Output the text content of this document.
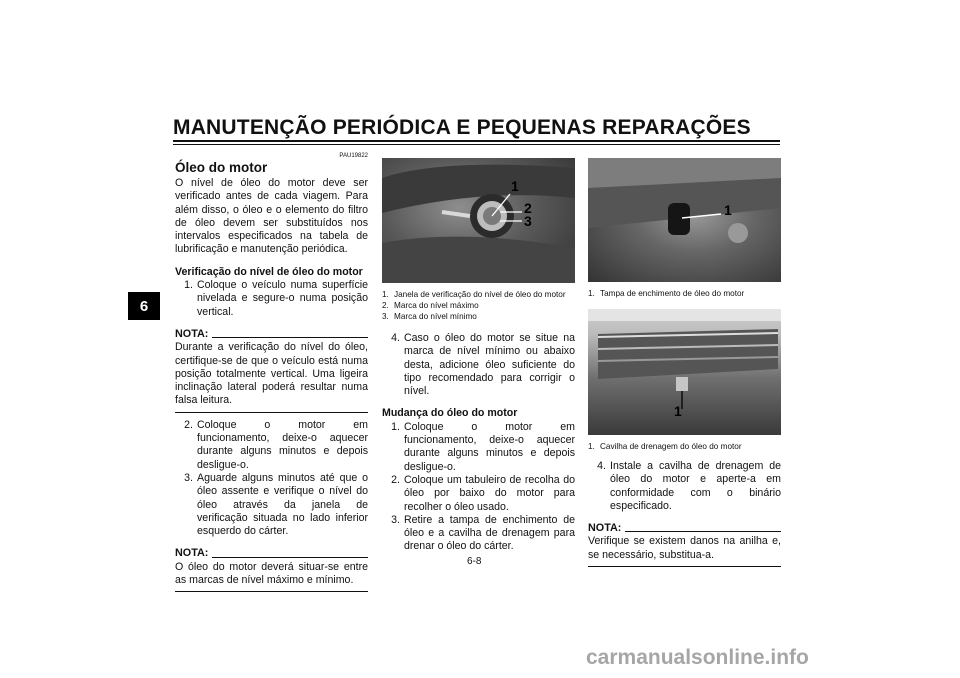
MANUTENÇÃO PERIÓDICA E PEQUENAS REPARAÇÕES
6
PAU19822
Óleo do motor

O nível de óleo do motor deve ser verificado antes de cada viagem. Para além disso, o óleo e o elemento do filtro de óleo devem ser substituídos nos intervalos especificados na tabela de lubrificação e manutenção periódica.

Verificação do nível de óleo do motor
1. Coloque o veículo numa superfície nivelada e segure-o numa posição vertical.
NOTA:
Durante a verificação do nível do óleo, certifique-se de que o veículo está numa posição totalmente vertical. Uma ligeira inclinação lateral poderá resultar numa falsa leitura.
2. Coloque o motor em funcionamento, deixe-o aquecer durante alguns minutos e depois desligue-o.
3. Aguarde alguns minutos até que o óleo assente e verifique o nível do óleo através da janela de verificação situada no lado inferior esquerdo do cárter.
NOTA:
O óleo do motor deverá situar-se entre as marcas de nível máximo e mínimo.
1
2
3
1. Janela de verificação do nível de óleo do motor
2. Marca do nível máximo
3. Marca do nível mínimo
4. Caso o óleo do motor se situe na marca de nível mínimo ou abaixo desta, adicione óleo suficiente do tipo recomendado para corrigir o nível.
Mudança do óleo do motor
1. Coloque o motor em funcionamento, deixe-o aquecer durante alguns minutos e depois desligue-o.
2. Coloque um tabuleiro de recolha do óleo por baixo do motor para recolher o óleo usado.
3. Retire a tampa de enchimento de óleo e a cavilha de drenagem para drenar o óleo do cárter.
1
1. Tampa de enchimento de óleo do motor
1
1. Cavilha de drenagem do óleo do motor
4. Instale a cavilha de drenagem de óleo do motor e aperte-a em conformidade com o binário especificado.
NOTA:
Verifique se existem danos na anilha e, se necessário, substitua-a.
6-8
carmanualsonline.info
